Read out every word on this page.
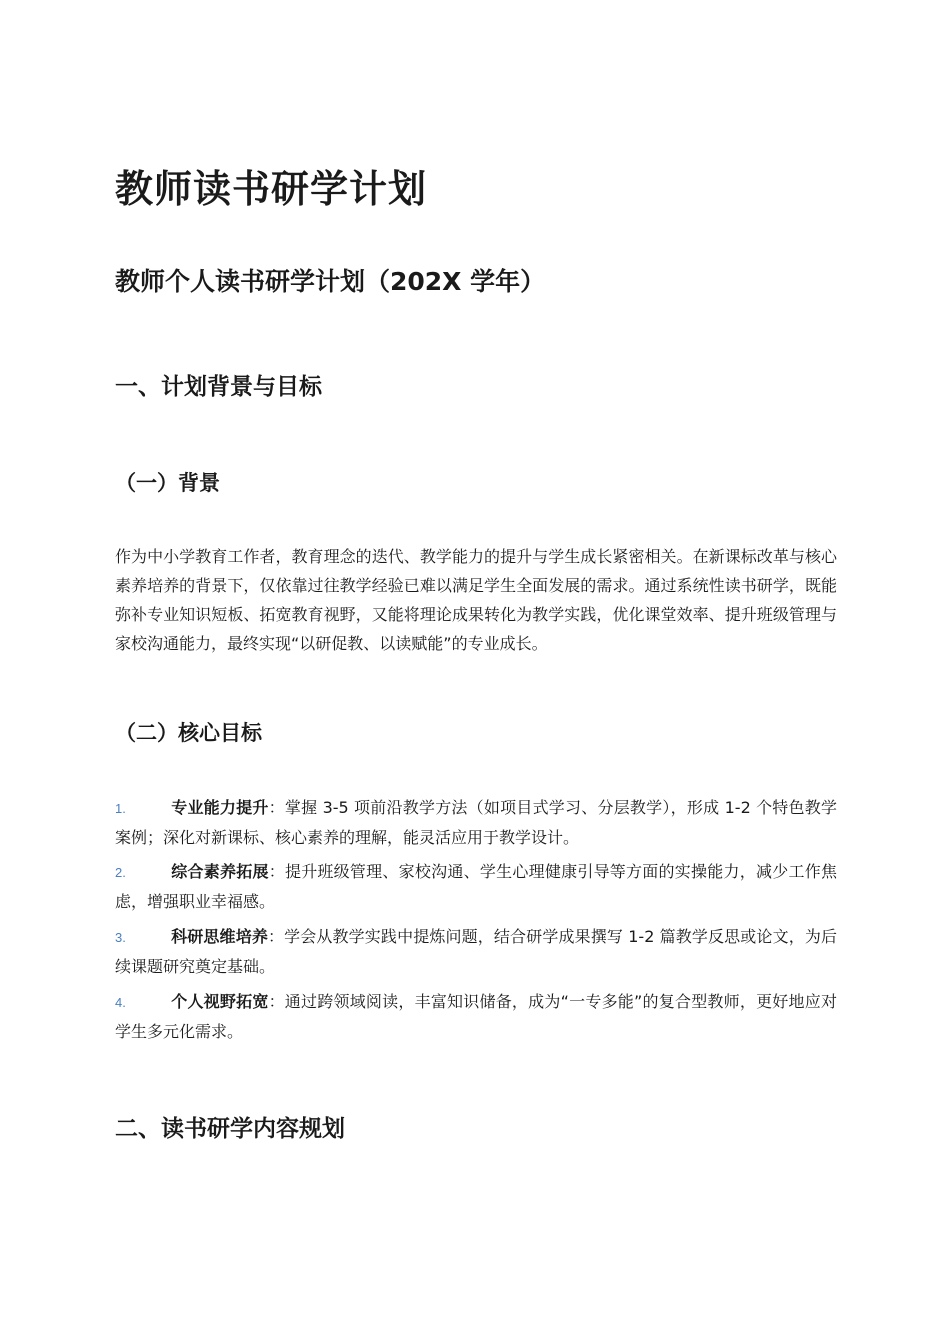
教师读书研学计划
教师个人读书研学计划（202X 学年）
一、计划背景与目标
（一）背景

作为中小学教育工作者，教育理念的迭代、教学能力的提升与学生成长紧密相关。在新课标改革与核心素养培养的背景下，仅依靠过往教学经验已难以满足学生全面发展的需求。通过系统性读书研学，既能弥补专业知识短板、拓宽教育视野，又能将理论成果转化为教学实践，优化课堂效率、提升班级管理与家校沟通能力，最终实现“以研促教、以读赋能”的专业成长。

（二）核心目标
1.	专业能力提升：掌握 3-5 项前沿教学方法（如项目式学习、分层教学），形成 1-2 个特色教学案例；深化对新课标、核心素养的理解，能灵活应用于教学设计。
2.	综合素养拓展：提升班级管理、家校沟通、学生心理健康引导等方面的实操能力，减少工作焦虑，增强职业幸福感。
3.	科研思维培养：学会从教学实践中提炼问题，结合研学成果撰写 1-2 篇教学反思或论文，为后续课题研究奠定基础。
4.	个人视野拓宽：通过跨领域阅读，丰富知识储备，成为“一专多能”的复合型教师，更好地应对学生多元化需求。
二、读书研学内容规划
